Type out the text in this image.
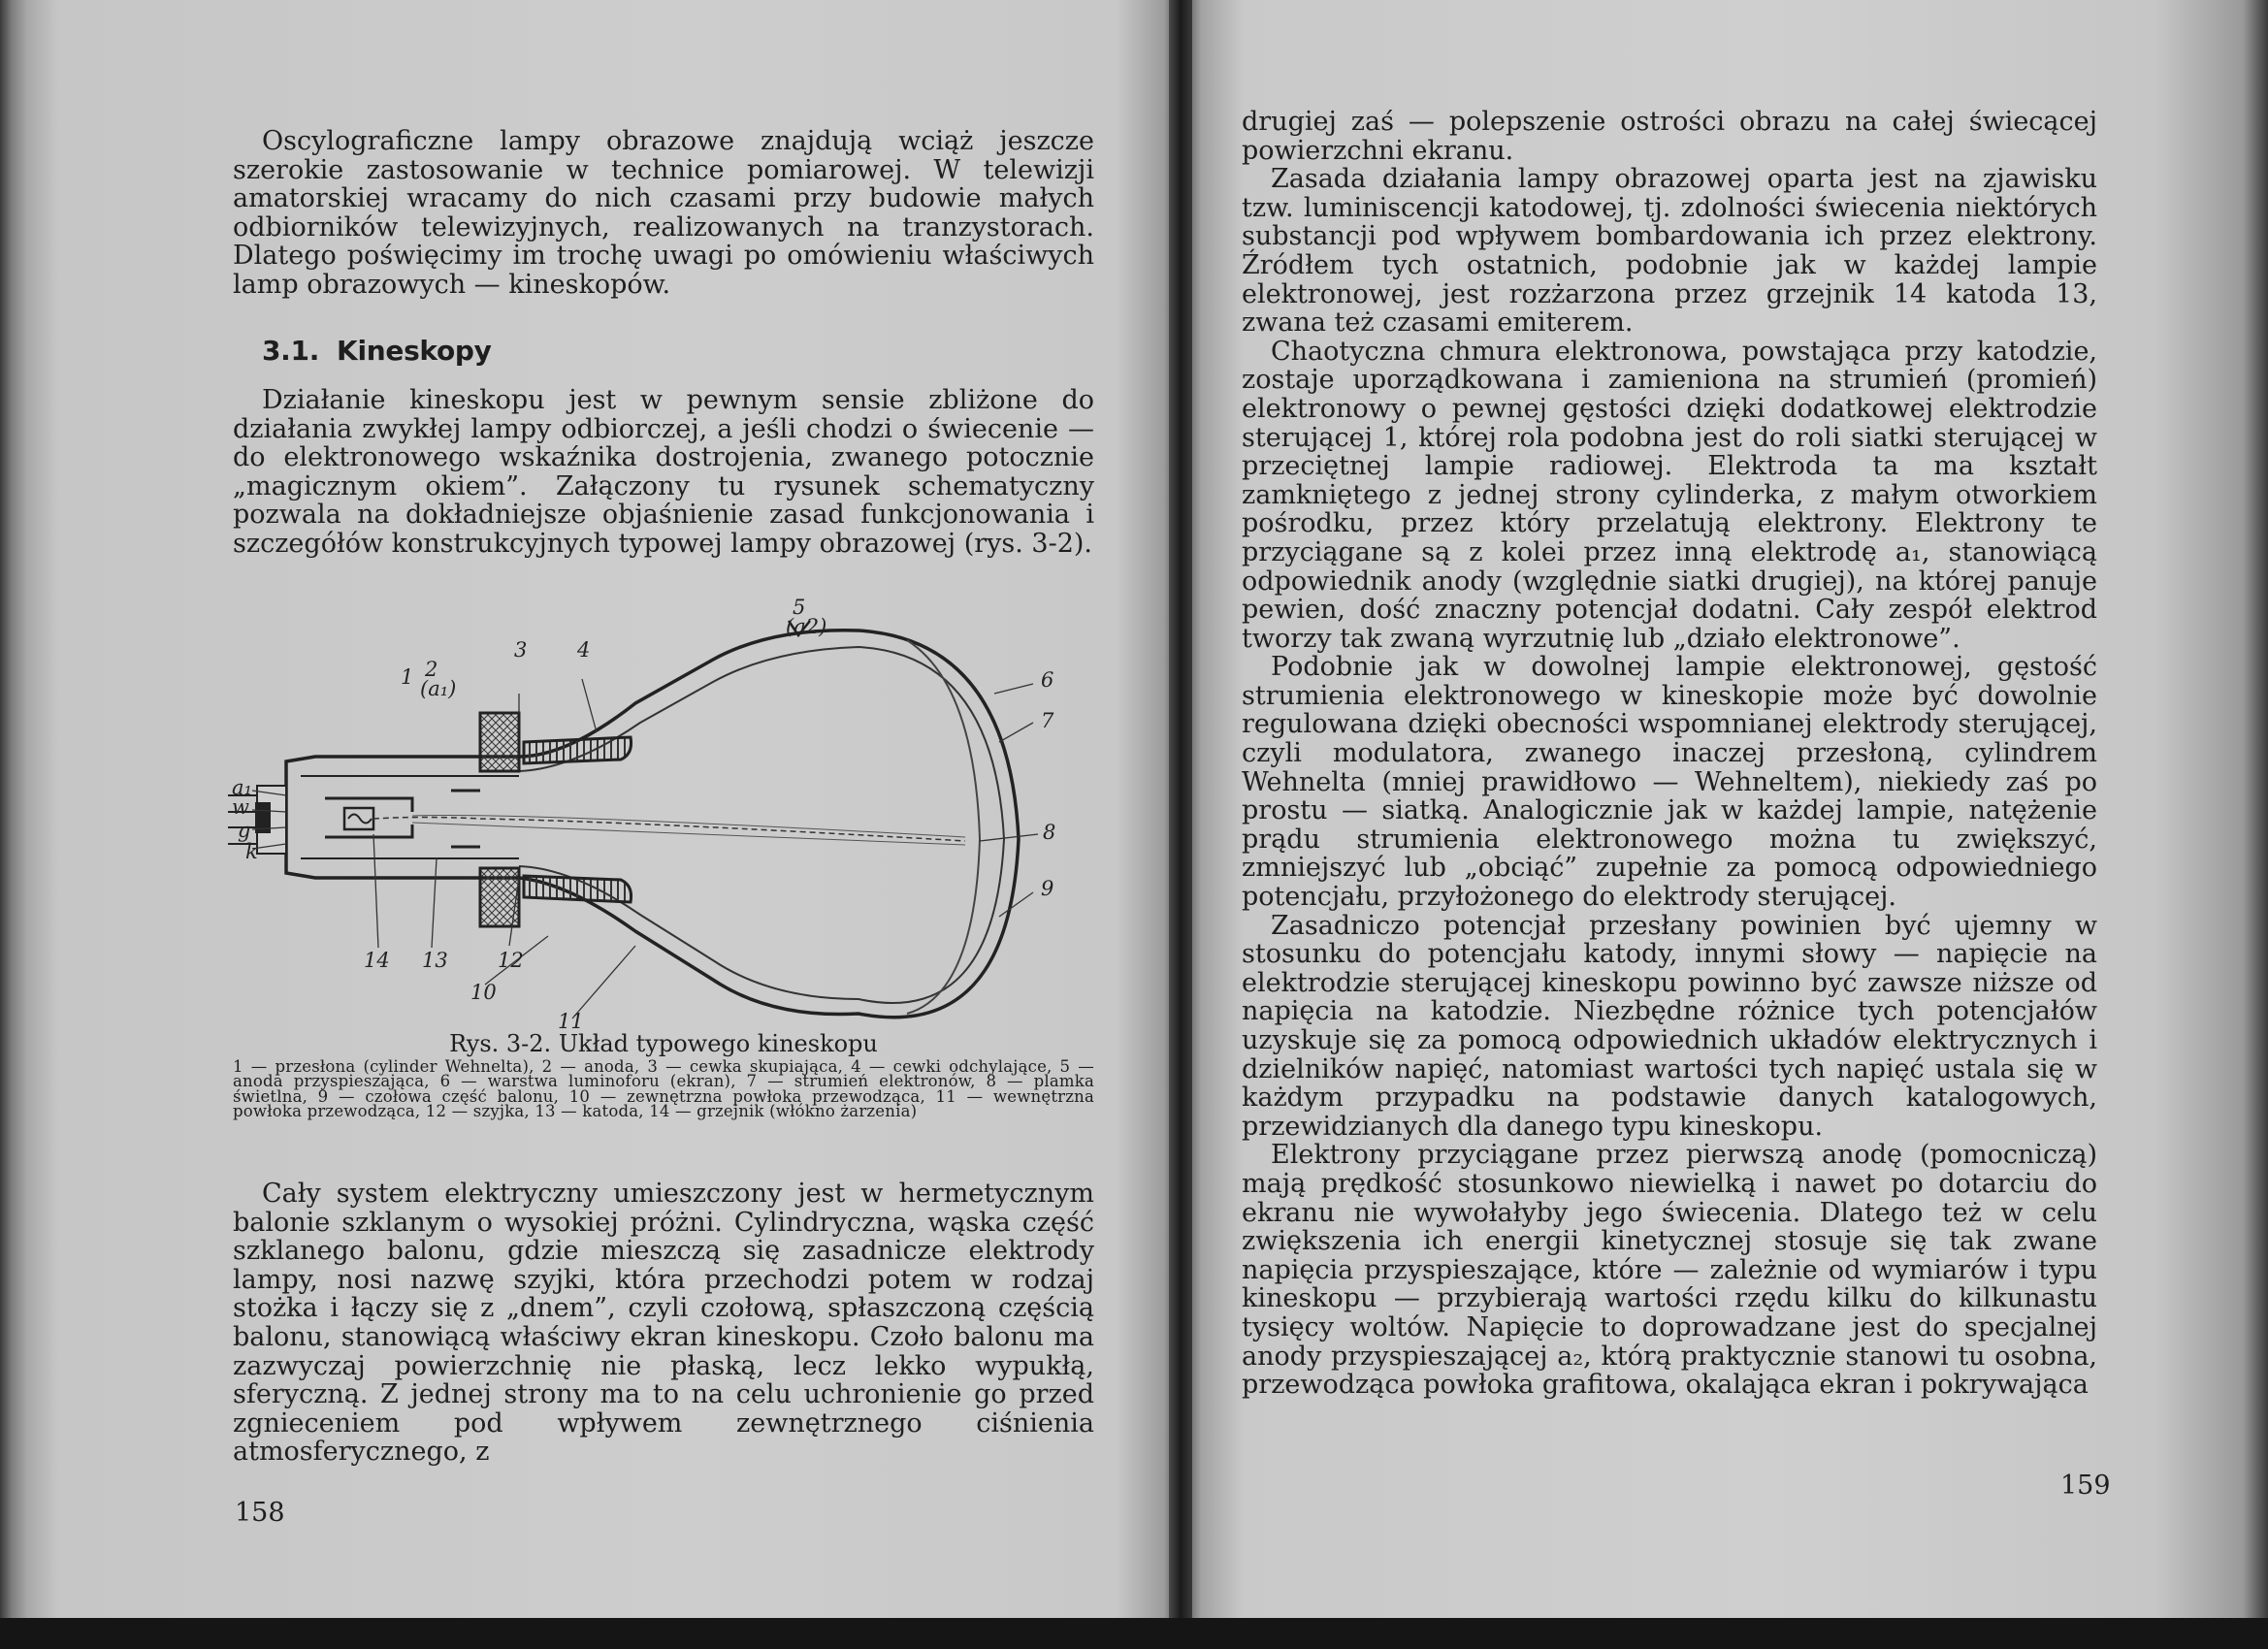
Oscylograficzne lampy obrazowe znajdują wciąż jeszcze szerokie zastosowanie w technice pomiarowej. W telewizji amatorskiej wracamy do nich czasami przy budowie małych odbiorników telewizyjnych, realizowanych na tranzystorach. Dlatego poświęcimy im trochę uwagi po omówieniu właściwych lamp obrazowych — kineskopów.

3.1. Kineskopy

Działanie kineskopu jest w pewnym sensie zbliżone do działania zwykłej lampy odbiorczej, a jeśli chodzi o świecenie — do elektronowego wskaźnika dostrojenia, zwanego potocznie „magicznym okiem”. Załączony tu rysunek schematyczny pozwala na dokładniejsze objaśnienie zasad funkcjonowania i szczegółów konstrukcyjnych typowej lampy obrazowej (rys. 3-2).

1 2
(a₁)
3 4
5
(a2)
6
7
8
9
10
11
12
13
14
a₁
w
g
k
Rys. 3-2. Układ typowego kineskopu
1 — przesłona (cylinder Wehnelta), 2 — anoda, 3 — cewka skupiająca, 4 — cewki odchylające, 5 — anoda przyspieszająca, 6 — warstwa luminoforu (ekran), 7 — strumień elektronów, 8 — plamka świetlna, 9 — czołowa część balonu, 10 — zewnętrzna powłoka przewodząca, 11 — wewnętrzna powłoka przewodząca, 12 — szyjka, 13 — katoda, 14 — grzejnik (włókno żarzenia)

Cały system elektryczny umieszczony jest w hermetycznym balonie szklanym o wysokiej próżni. Cylindryczna, wąska część szklanego balonu, gdzie mieszczą się zasadnicze elektrody lampy, nosi nazwę szyjki, która przechodzi potem w rodzaj stożka i łączy się z „dnem”, czyli czołową, spłaszczoną częścią balonu, stanowiącą właściwy ekran kineskopu. Czoło balonu ma zazwyczaj powierzchnię nie płaską, lecz lekko wypukłą, sferyczną. Z jednej strony ma to na celu uchronienie go przed zgnieceniem pod wpływem zewnętrznego ciśnienia atmosferycznego, z

158

drugiej zaś — polepszenie ostrości obrazu na całej świecącej powierzchni ekranu.

Zasada działania lampy obrazowej oparta jest na zjawisku tzw. luminiscencji katodowej, tj. zdolności świecenia niektórych substancji pod wpływem bombardowania ich przez elektrony. Źródłem tych ostatnich, podobnie jak w każdej lampie elektronowej, jest rozżarzona przez grzejnik 14 katoda 13, zwana też czasami emiterem.

Chaotyczna chmura elektronowa, powstająca przy katodzie, zostaje uporządkowana i zamieniona na strumień (promień) elektronowy o pewnej gęstości dzięki dodatkowej elektrodzie sterującej 1, której rola podobna jest do roli siatki sterującej w przeciętnej lampie radiowej. Elektroda ta ma kształt zamkniętego z jednej strony cylinderka, z małym otworkiem pośrodku, przez który przelatują elektrony. Elektrony te przyciągane są z kolei przez inną elektrodę a₁, stanowiącą odpowiednik anody (względnie siatki drugiej), na której panuje pewien, dość znaczny potencjał dodatni. Cały zespół elektrod tworzy tak zwaną wyrzutnię lub „działo elektronowe”.

Podobnie jak w dowolnej lampie elektronowej, gęstość strumienia elektronowego w kineskopie może być dowolnie regulowana dzięki obecności wspomnianej elektrody sterującej, czyli modulatora, zwanego inaczej przesłoną, cylindrem Wehnelta (mniej prawidłowo — Wehneltem), niekiedy zaś po prostu — siatką. Analogicznie jak w każdej lampie, natężenie prądu strumienia elektronowego można tu zwiększyć, zmniejszyć lub „obciąć” zupełnie za pomocą odpowiedniego potencjału, przyłożonego do elektrody sterującej.

Zasadniczo potencjał przesłany powinien być ujemny w stosunku do potencjału katody, innymi słowy — napięcie na elektrodzie sterującej kineskopu powinno być zawsze niższe od napięcia na katodzie. Niezbędne różnice tych potencjałów uzyskuje się za pomocą odpowiednich układów elektrycznych i dzielników napięć, natomiast wartości tych napięć ustala się w każdym przypadku na podstawie danych katalogowych, przewidzianych dla danego typu kineskopu.

Elektrony przyciągane przez pierwszą anodę (pomocniczą) mają prędkość stosunkowo niewielką i nawet po dotarciu do ekranu nie wywołałyby jego świecenia. Dlatego też w celu zwiększenia ich energii kinetycznej stosuje się tak zwane napięcia przyspieszające, które — zależnie od wymiarów i typu kineskopu — przybierają wartości rzędu kilku do kilkunastu tysięcy woltów. Napięcie to doprowadzane jest do specjalnej anody przyspieszającej a₂, którą praktycznie stanowi tu osobna, przewodząca powłoka grafitowa, okalająca ekran i pokrywająca

159
